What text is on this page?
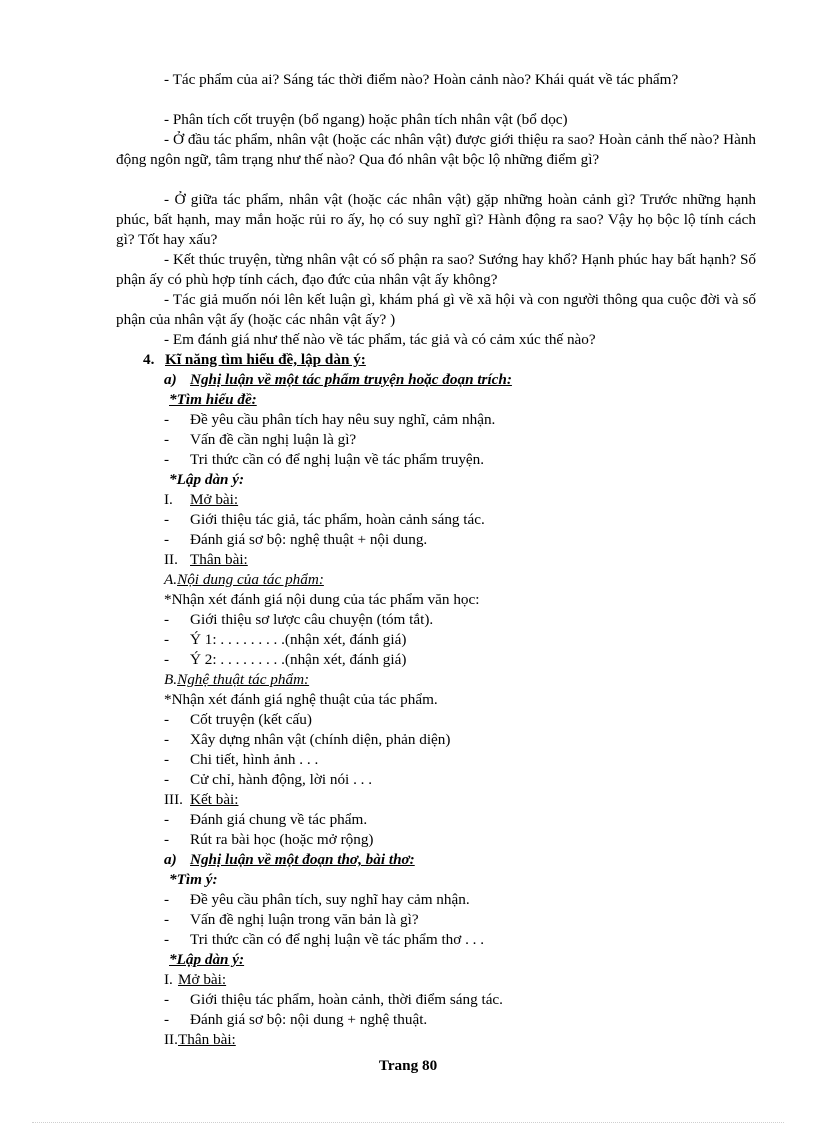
- Tác phẩm của ai? Sáng tác thời điểm nào? Hoàn cảnh nào? Khái quát về tác phẩm?
- Phân tích cốt truyện (bổ ngang) hoặc phân tích nhân vật (bổ dọc)
- Ở đầu tác phẩm, nhân vật (hoặc các nhân vật) được giới thiệu ra sao? Hoàn cảnh thế nào? Hành động ngôn ngữ, tâm trạng như thế nào? Qua đó nhân vật bộc lộ những điểm gì?
- Ở giữa tác phẩm, nhân vật (hoặc các nhân vật) gặp những hoàn cảnh gì? Trước những hạnh phúc, bất hạnh, may mắn hoặc rủi ro ấy, họ có suy nghĩ gì? Hành động ra sao? Vậy họ bộc lộ tính cách gì? Tốt hay xấu?
- Kết thúc truyện, từng nhân vật có số phận ra sao? Sướng hay khổ? Hạnh phúc hay bất hạnh? Số phận ấy có phù hợp tính cách, đạo đức của nhân vật ấy không?
- Tác giả muốn nói lên kết luận gì, khám phá gì về xã hội và con người thông qua cuộc đời và số phận của nhân vật ấy (hoặc các nhân vật ấy? )
- Em đánh giá như thế nào về tác phẩm, tác giả và có cảm xúc thế nào?
4. Kĩ năng tìm hiểu đề, lập dàn ý:
a) Nghị luận về một tác phẩm truyện hoặc đoạn trích:
*Tìm hiểu đề:
- Đề yêu cầu phân tích hay nêu suy nghĩ, cảm nhận.
- Vấn đề cần nghị luận là gì?
- Tri thức cần có để nghị luận về tác phẩm truyện.
*Lập dàn ý:
I. Mở bài:
- Giới thiệu tác giả, tác phẩm, hoàn cảnh sáng tác.
- Đánh giá sơ bộ: nghệ thuật + nội dung.
II. Thân bài:
A.Nội dung của tác phẩm:
*Nhận xét đánh giá nội dung của tác phẩm văn học:
- Giới thiệu sơ lược câu chuyện (tóm tắt).
- Ý 1: . . . . . . . . .(nhận xét, đánh giá)
- Ý 2: . . . . . . . . .(nhận xét, đánh giá)
B.Nghệ thuật tác phẩm:
*Nhận xét đánh giá nghệ thuật của tác phẩm.
- Cốt truyện (kết cấu)
- Xây dựng nhân vật (chính diện, phản diện)
- Chi tiết, hình ảnh . . .
- Cử chỉ, hành động, lời nói . . .
III. Kết bài:
- Đánh giá chung về tác phẩm.
- Rút ra bài học (hoặc mở rộng)
a) Nghị luận về một đoạn thơ, bài thơ:
*Tìm ý:
- Đề yêu cầu phân tích, suy nghĩ hay cảm nhận.
- Vấn đề nghị luận trong văn bản là gì?
- Tri thức cần có để nghị luận về tác phẩm thơ . . .
*Lập dàn ý:
I. Mở bài:
- Giới thiệu tác phẩm, hoàn cảnh, thời điểm sáng tác.
- Đánh giá sơ bộ: nội dung + nghệ thuật.
II.Thân bài:
Trang 80
